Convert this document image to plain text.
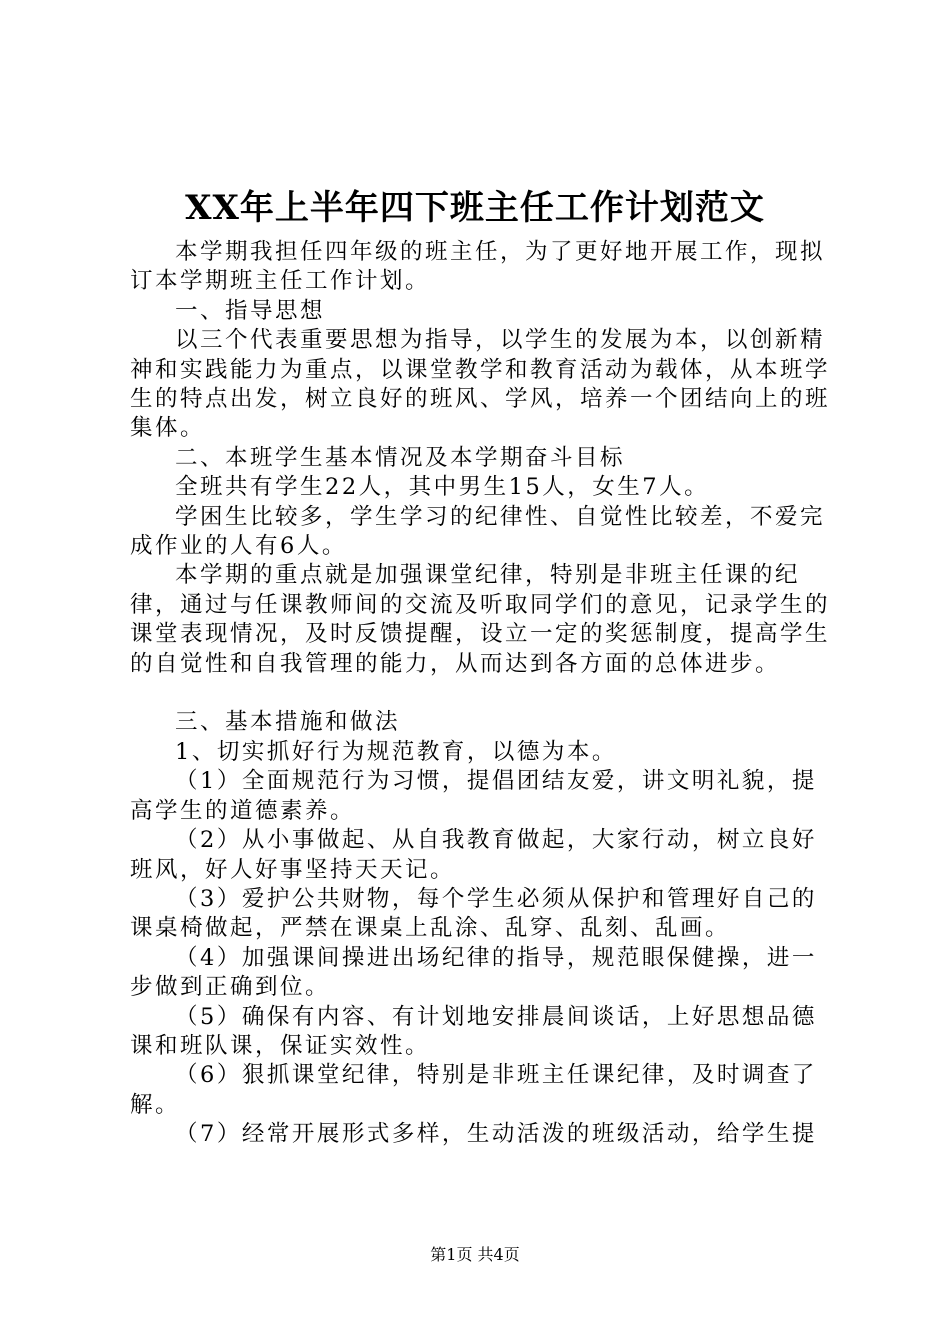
XX年上半年四下班主任工作计划范文

本学期我担任四年级的班主任，为了更好地开展工作，现拟订本学期班主任工作计划。

一、指导思想

以三个代表重要思想为指导，以学生的发展为本，以创新精神和实践能力为重点，以课堂教学和教育活动为载体，从本班学生的特点出发，树立良好的班风、学风，培养一个团结向上的班集体。

二、本班学生基本情况及本学期奋斗目标

全班共有学生22人，其中男生15人，女生7人。

学困生比较多，学生学习的纪律性、自觉性比较差，不爱完成作业的人有6人。

本学期的重点就是加强课堂纪律，特别是非班主任课的纪律，通过与任课教师间的交流及听取同学们的意见，记录学生的课堂表现情况，及时反馈提醒，设立一定的奖惩制度，提高学生的自觉性和自我管理的能力，从而达到各方面的总体进步。

三、基本措施和做法

1、切实抓好行为规范教育，以德为本。

（1）全面规范行为习惯，提倡团结友爱，讲文明礼貌，提高学生的道德素养。

（2）从小事做起、从自我教育做起，大家行动，树立良好班风，好人好事坚持天天记。

（3）爱护公共财物，每个学生必须从保护和管理好自己的课桌椅做起，严禁在课桌上乱涂、乱穿、乱刻、乱画。

（4）加强课间操进出场纪律的指导，规范眼保健操，进一步做到正确到位。

（5）确保有内容、有计划地安排晨间谈话，上好思想品德课和班队课，保证实效性。

（6）狠抓课堂纪律，特别是非班主任课纪律，及时调查了解。

（7）经常开展形式多样，生动活泼的班级活动，给学生提

第1页 共4页
